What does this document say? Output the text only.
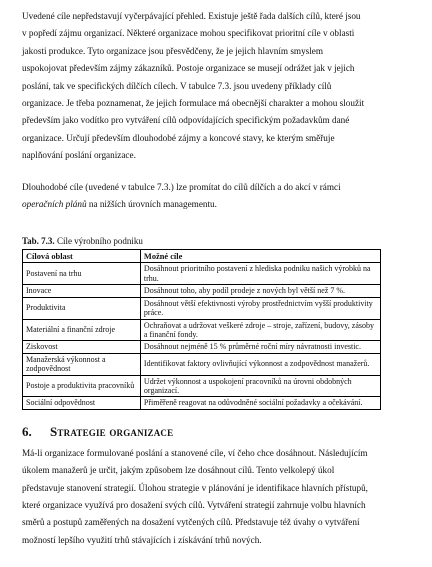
Uvedené cíle nepředstavují vyčerpávající přehled. Existuje ještě řada dalších cílů, které jsou

v popředí zájmu organizací. Některé organizace mohou specifikovat prioritní cíle v oblasti

jakosti produkce. Tyto organizace jsou přesvědčeny, že je jejich hlavním smyslem

uspokojovat především zájmy zákazníků. Postoje organizace se musejí odrážet jak v jejich

poslání, tak ve specifických dílčích cílech. V tabulce 7.3. jsou uvedeny příklady cílů

organizace. Je třeba poznamenat, že jejich formulace má obecnější charakter a mohou sloužit

především jako vodítko pro vytváření cílů odpovídajících specifickým požadavkům dané

organizace. Určují především dlouhodobé zájmy a koncové stavy, ke kterým směřuje

naplňování poslání organizace.

Dlouhodobé cíle (uvedené v tabulce 7.3.) lze promítat do cílů dílčích a do akcí v rámci

operačních plánů na nižších úrovních managementu.

Tab. 7.3. Cíle výrobního podniku
Cílová oblast	Možné cíle
Postavení na trhu	Dosáhnout prioritního postavení z hlediska podniku našich výrobků na trhu.
Inovace	Dosáhnout toho, aby podíl prodeje z nových byl větší než 7 %.
Produktivita	Dosáhnout větší efektivnosti výroby prostřednictvím vyšší produktivity práce.
Materiální a finanční zdroje	Ochraňovat a udržovat veškeré zdroje – stroje, zařízení, budovy, zásoby a finanční fondy.
Ziskovost	Dosáhnout nejméně 15 % průměrné roční míry návratnosti investic.
Manažerská výkonnost a zodpovědnost	Identifikovat faktory ovlivňující výkonnost a zodpovědnost manažerů.
Postoje a produktivita pracovníků	Udržet výkonnost a uspokojení pracovníků na úrovni obdobných organizací.
Sociální odpovědnost	Přiměřeně reagovat na odůvodněné sociální požadavky a očekávání.
6. Strategie organizace

Má-li organizace formulované poslání a stanovené cíle, ví čeho chce dosáhnout. Následujícím

úkolem manažerů je určit, jakým způsobem lze dosáhnout cílů. Tento velkolepý úkol

představuje stanovení strategií. Úlohou strategie v plánování je identifikace hlavních přístupů,

které organizace využívá pro dosažení svých cílů. Vytváření strategií zahrnuje volbu hlavních

směrů a postupů zaměřených na dosažení vytčených cílů. Představuje též úvahy o vytváření

možností lepšího využití trhů stávajících i získávání trhů nových.
